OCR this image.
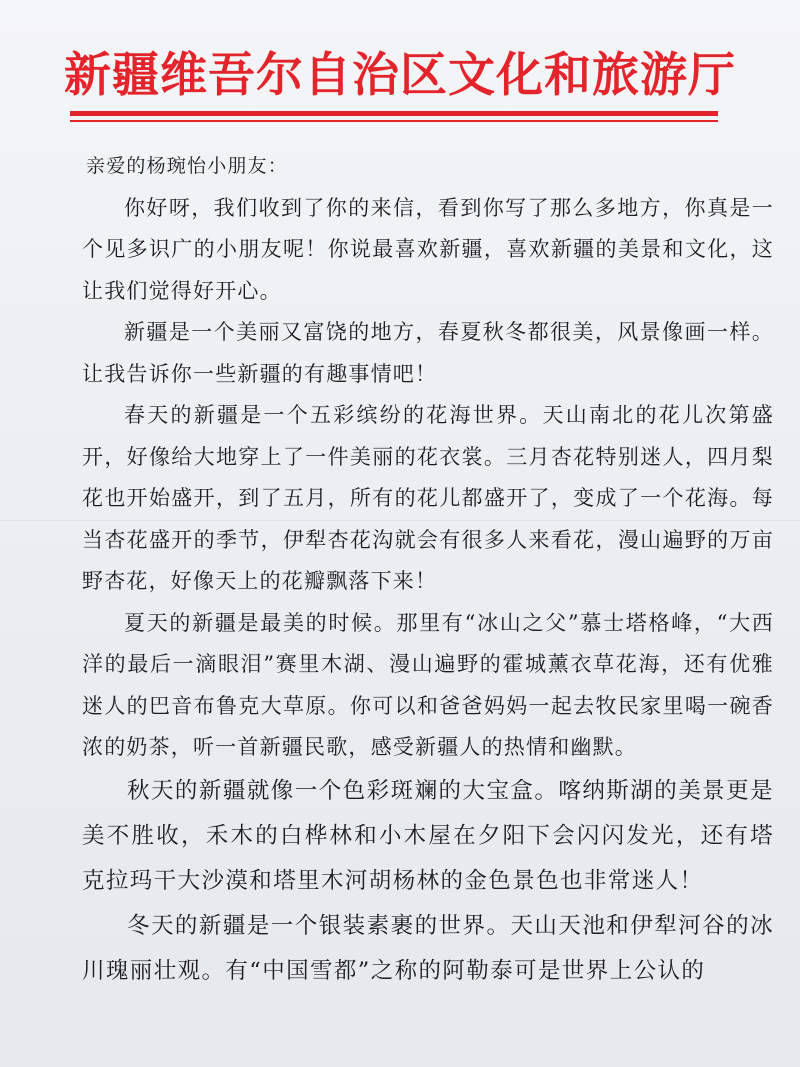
新疆维吾尔自治区文化和旅游厅

亲爱的杨琬怡小朋友：

你好呀，我们收到了你的来信，看到你写了那么多地方，你真是一个见多识广的小朋友呢！你说最喜欢新疆，喜欢新疆的美景和文化，这让我们觉得好开心。

新疆是一个美丽又富饶的地方，春夏秋冬都很美，风景像画一样。让我告诉你一些新疆的有趣事情吧！

春天的新疆是一个五彩缤纷的花海世界。天山南北的花儿次第盛开，好像给大地穿上了一件美丽的花衣裳。三月杏花特别迷人，四月梨花也开始盛开，到了五月，所有的花儿都盛开了，变成了一个花海。每当杏花盛开的季节，伊犁杏花沟就会有很多人来看花，漫山遍野的万亩野杏花，好像天上的花瓣飘落下来！

夏天的新疆是最美的时候。那里有“冰山之父”慕士塔格峰，“大西洋的最后一滴眼泪”赛里木湖、漫山遍野的霍城薰衣草花海，还有优雅迷人的巴音布鲁克大草原。你可以和爸爸妈妈一起去牧民家里喝一碗香浓的奶茶，听一首新疆民歌，感受新疆人的热情和幽默。

秋天的新疆就像一个色彩斑斓的大宝盒。喀纳斯湖的美景更是美不胜收，禾木的白桦林和小木屋在夕阳下会闪闪发光，还有塔克拉玛干大沙漠和塔里木河胡杨林的金色景色也非常迷人！

冬天的新疆是一个银装素裹的世界。天山天池和伊犁河谷的冰川瑰丽壮观。有“中国雪都”之称的阿勒泰可是世界上公认的
